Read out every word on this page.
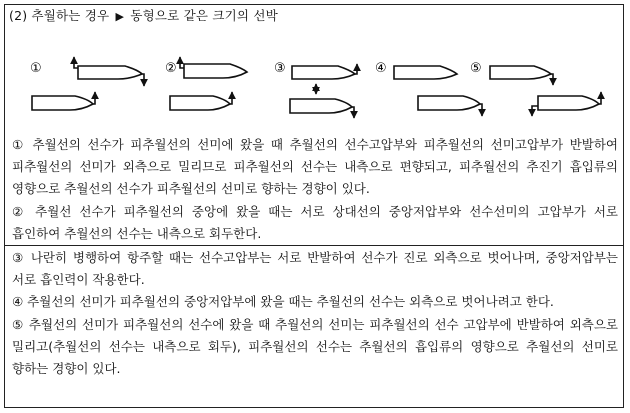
(2) 추월하는 경우 ▶ 동형으로 같은 크기의 선박
①	②	③	④	⑤

① 추월선의 선수가 피추월선의 선미에 왔을 때 추월선의 선수고압부와 피추월선의 선미고압부가 반발하여 피추월선의 선미가 외측으로 밀리므로 피추월선의 선수는 내측으로 편향되고, 피추월선의 추진기 흡입류의 영향으로 추월선의 선수가 피추월선의 선미로 향하는 경향이 있다.

② 추월선 선수가 피추월선의 중앙에 왔을 때는 서로 상대선의 중앙저압부와 선수선미의 고압부가 서로 흡인하여 추월선의 선수는 내측으로 회두한다.

③ 나란히 병행하여 항주할 때는 선수고압부는 서로 반발하여 선수가 진로 외측으로 벗어나며, 중앙저압부는 서로 흡인력이 작용한다.

④ 추월선의 선미가 피추월선의 중앙저압부에 왔을 때는 추월선의 선수는 외측으로 벗어나려고 한다.

⑤ 추월선의 선미가 피추월선의 선수에 왔을 때 추월선의 선미는 피추월선의 선수 고압부에 반발하여 외측으로 밀리고(추월선의 선수는 내측으로 회두), 피추월선의 선수는 추월선의 흡입류의 영향으로 추월선의 선미로 향하는 경향이 있다.
